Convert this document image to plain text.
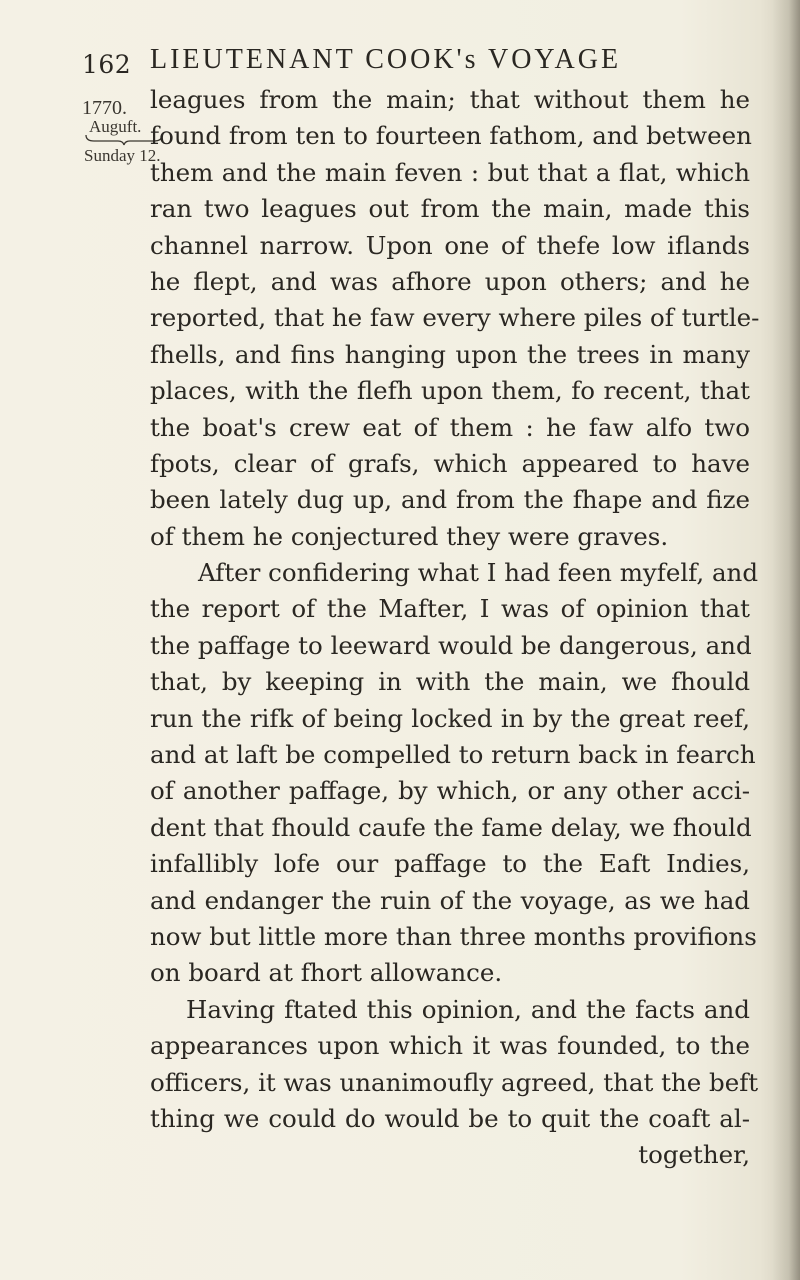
162 LIEUTENANT COOK's VOYAGE
1770.
Auguft.
Sunday 12.
leagues from the main; that without them he
found from ten to fourteen fathom, and between
them and the main feven : but that a flat, which
ran two leagues out from the main, made this
channel narrow. Upon one of thefe low iflands
he flept, and was afhore upon others; and he
reported, that he faw every where piles of turtle-
fhells, and fins hanging upon the trees in many
places, with the flefh upon them, fo recent, that
the boat's crew eat of them : he faw alfo two
fpots, clear of grafs, which appeared to have
been lately dug up, and from the fhape and fize
of them he conjectured they were graves.
After confidering what I had feen myfelf, and
the report of the Mafter, I was of opinion that
the paffage to leeward would be dangerous, and
that, by keeping in with the main, we fhould
run the rifk of being locked in by the great reef,
and at laft be compelled to return back in fearch
of another paffage, by which, or any other acci-
dent that fhould caufe the fame delay, we fhould
infallibly lofe our paffage to the Eaft Indies,
and endanger the ruin of the voyage, as we had
now but little more than three months provifions
on board at fhort allowance.
Having ftated this opinion, and the facts and
appearances upon which it was founded, to the
officers, it was unanimoufly agreed, that the beft
thing we could do would be to quit the coaft al-
together,
